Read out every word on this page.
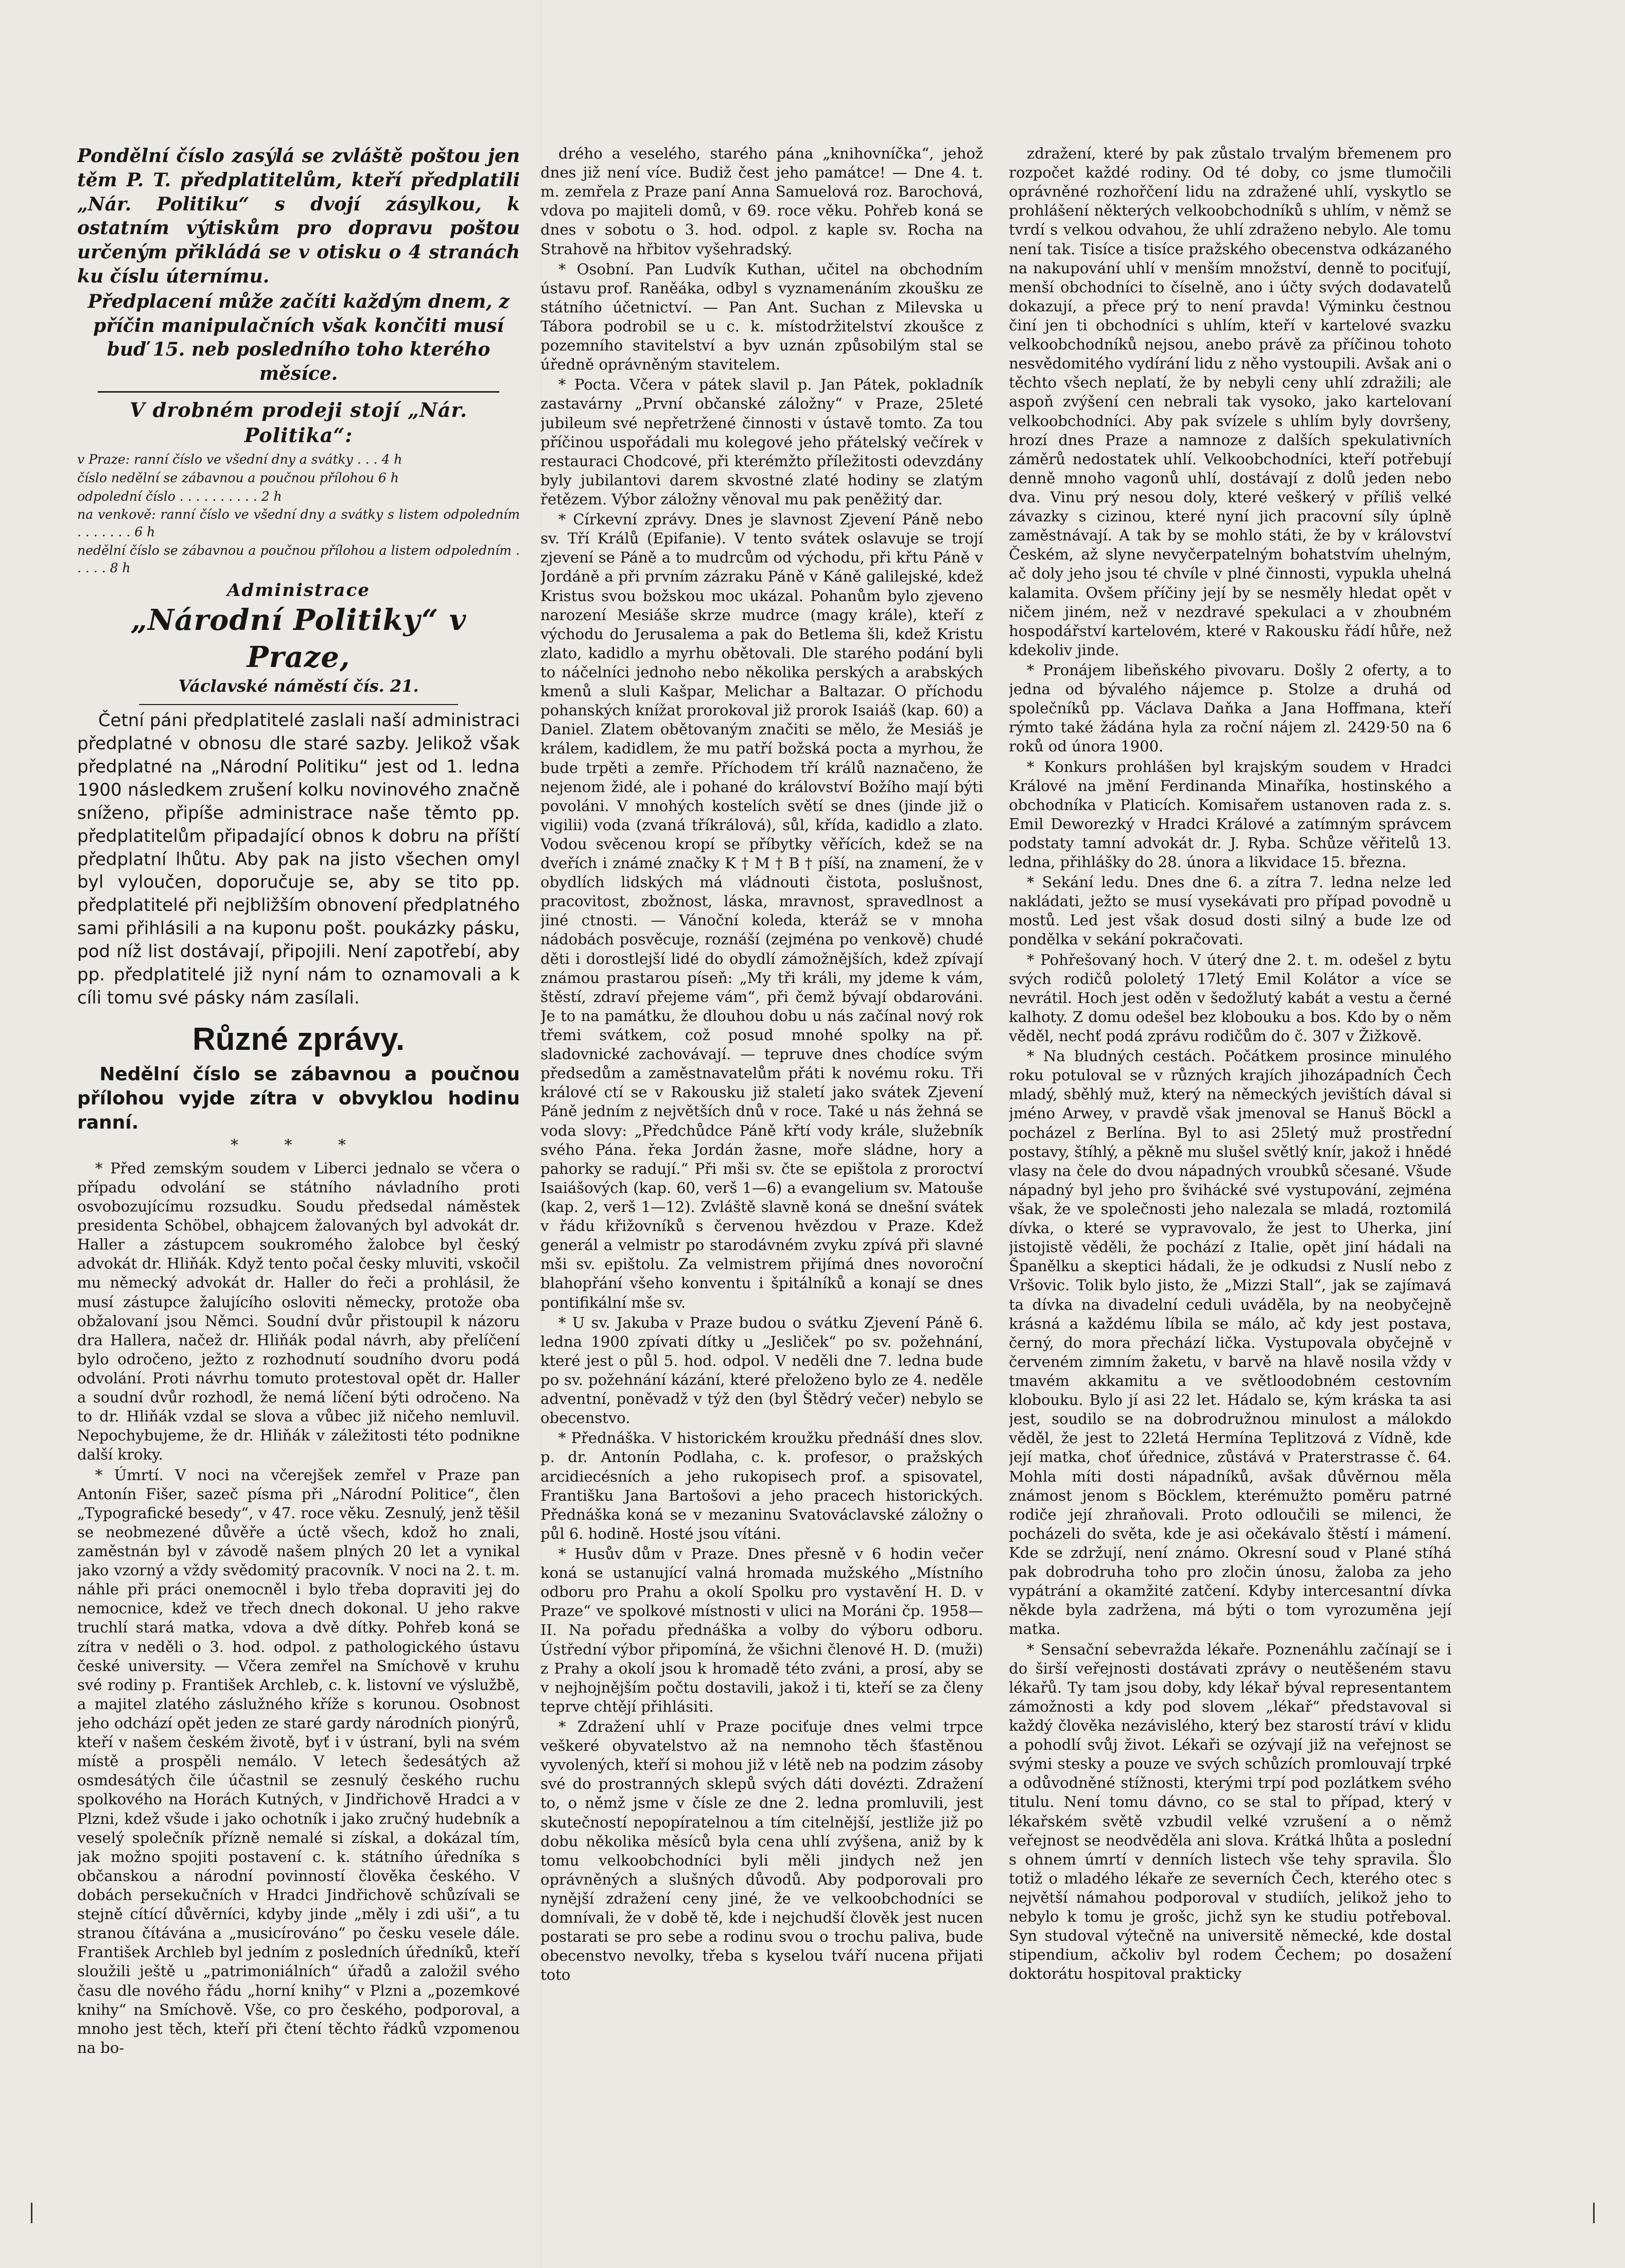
Pondělní číslo zasýlá se zvláště poštou jen těm P. T. předplatitelům, kteří předplatili „Nár. Politiku“ s dvojí zásylkou, k ostatním výtiskům pro dopravu poštou určeným přikládá se v otisku o 4 stranách ku číslu úternímu.

Předplacení může začíti každým dnem, z příčin manipulačních však končiti musí buď 15. neb posledního toho kterého měsíce.

V drobném prodeji stojí „Nár. Politika“:

v Praze: ranní číslo ve všední dny a svátky . . . 4 h

číslo nedělní se zábavnou a poučnou přílohou 6 h

odpolední číslo . . . . . . . . . . 2 h

na venkově: ranní číslo ve všední dny a svátky s listem odpoledním . . . . . . . 6 h

nedělní číslo se zábavnou a poučnou přílohou a listem odpoledním . . . . . 8 h

Administrace
„Národní Politiky“ v Praze,
Václavské náměstí čís. 21.

Četní páni předplatitelé zaslali naší administraci předplatné v obnosu dle staré sazby. Jelikož však předplatné na „Národní Politiku“ jest od 1. ledna 1900 následkem zrušení kolku novinového značně sníženo, připíše administrace naše těmto pp. předplatitelům připadající obnos k dobru na příští předplatní lhůtu. Aby pak na jisto všechen omyl byl vyloučen, doporučuje se, aby se tito pp. předplatitelé při nejbližším obnovení předplatného sami přihlásili a na kuponu pošt. poukázky pásku, pod níž list dostávají, připojili. Není zapotřebí, aby pp. předplatitelé již nyní nám to oznamovali a k cíli tomu své pásky nám zasílali.

Různé zprávy.

Nedělní číslo se zábavnou a poučnou přílohou vyjde zítra v obvyklou hodinu ranní.

* * *

* Před zemským soudem v Liberci jednalo se včera o případu odvolání se státního návladního proti osvobozujícímu rozsudku. Soudu předsedal náměstek presidenta Schöbel, obhajcem žalovaných byl advokát dr. Haller a zástupcem soukromého žalobce byl český advokát dr. Hliňák. Když tento počal česky mluviti, vskočil mu německý advokát dr. Haller do řeči a prohlásil, že musí zástupce žalujícího osloviti německy, protože oba obžalovaní jsou Němci. Soudní dvůr přistoupil k názoru dra Hallera, načež dr. Hliňák podal návrh, aby přelíčení bylo odročeno, ježto z rozhodnutí soudního dvoru podá odvolání. Proti návrhu tomuto protestoval opět dr. Haller a soudní dvůr rozhodl, že nemá líčení býti odročeno. Na to dr. Hliňák vzdal se slova a vůbec již ničeho nemluvil. Nepochybujeme, že dr. Hliňák v záležitosti této podnikne další kroky.

* Úmrtí. V noci na včerejšek zemřel v Praze pan Antonín Fišer, sazeč písma při „Národní Politice“, člen „Typografické besedy“, v 47. roce věku. Zesnulý, jenž těšil se neobmezené důvěře a úctě všech, kdož ho znali, zaměstnán byl v závodě našem plných 20 let a vynikal jako vzorný a vždy svědomitý pracovník. V noci na 2. t. m. náhle při práci onemocněl i bylo třeba dopraviti jej do nemocnice, kdež ve třech dnech dokonal. U jeho rakve truchlí stará matka, vdova a dvě dítky. Pohřeb koná se zítra v neděli o 3. hod. odpol. z pathologického ústavu české university. — Včera zemřel na Smíchově v kruhu své rodiny p. František Archleb, c. k. listovní ve výslužbě, a majitel zlatého záslužného kříže s korunou. Osobnost jeho odchází opět jeden ze staré gardy národních pionýrů, kteří v našem českém životě, byť i v ústraní, byli na svém místě a prospěli nemálo. V letech šedesátých až osmdesátých čile účastnil se zesnulý českého ruchu spolkového na Horách Kutných, v Jindřichově Hradci a v Plzni, kdež všude i jako ochotník i jako zručný hudebník a veselý společník přízně nemalé si získal, a dokázal tím, jak možno spojiti postavení c. k. státního úředníka s občanskou a národní povinností člověka českého. V dobách persekučních v Hradci Jindřichově schůzívali se stejně cítící důvěrníci, kdyby jinde „měly i zdi uši“, a tu stranou čítávána a „musicírováno“ po česku vesele dále. František Archleb byl jedním z posledních úředníků, kteří sloužili ještě u „patrimoniálních“ úřadů a založil svého času dle nového řádu „horní knihy“ v Plzni a „pozemkové knihy“ na Smíchově. Vše, co pro českého, podporoval, a mnoho jest těch, kteří při čtení těchto řádků vzpomenou na bo-

drého a veselého, starého pána „knihovníčka“, jehož dnes již není více. Budiž čest jeho památce! — Dne 4. t. m. zemřela z Praze paní Anna Samuelová roz. Barochová, vdova po majiteli domů, v 69. roce věku. Pohřeb koná se dnes v sobotu o 3. hod. odpol. z kaple sv. Rocha na Strahově na hřbitov vyšehradský.

* Osobní. Pan Ludvík Kuthan, učitel na obchodním ústavu prof. Raněáka, odbyl s vyznamenáním zkoušku ze státního účetnictví. — Pan Ant. Suchan z Milevska u Tábora podrobil se u c. k. místodržitelství zkoušce z pozemního stavitelství a byv uznán způsobilým stal se úředně oprávněným stavitelem.

* Pocta. Včera v pátek slavil p. Jan Pátek, pokladník zastavárny „První občanské záložny“ v Praze, 25leté jubileum své nepřetržené činnosti v ústavě tomto. Za tou příčinou uspořádali mu kolegové jeho přátelský večírek v restauraci Chodcové, při kterémžto příležitosti odevzdány byly jubilantovi darem skvostné zlaté hodiny se zlatým řetězem. Výbor záložny věnoval mu pak peněžitý dar.

* Církevní zprávy. Dnes je slavnost Zjevení Páně nebo sv. Tří Králů (Epifanie). V tento svátek oslavuje se trojí zjevení se Páně a to mudrcům od východu, při křtu Páně v Jordáně a při prvním zázraku Páně v Káně galilejské, kdež Kristus svou božskou moc ukázal. Pohanům bylo zjeveno narození Mesiáše skrze mudrce (magy krále), kteří z východu do Jerusalema a pak do Betlema šli, kdež Kristu zlato, kadidlo a myrhu obětovali. Dle starého podání byli to náčelníci jednoho nebo několika perských a arabských kmenů a sluli Kašpar, Melichar a Baltazar. O příchodu pohanských knížat prorokoval již prorok Isaiáš (kap. 60) a Daniel. Zlatem obětovaným značiti se mělo, že Mesiáš je králem, kadidlem, že mu patří božská pocta a myrhou, že bude trpěti a zemře. Příchodem tří králů naznačeno, že nejenom židé, ale i pohané do království Božího mají býti povoláni. V mnohých kostelích světí se dnes (jinde již o vigilii) voda (zvaná tříkrálová), sůl, křída, kadidlo a zlato. Vodou svěcenou kropí se příbytky věřících, kdež se na dveřích i známé značky K † M † B † píší, na znamení, že v obydlích lidských má vládnouti čistota, poslušnost, pracovitost, zbožnost, láska, mravnost, spravedlnost a jiné ctnosti. — Vánoční koleda, kteráž se v mnoha nádobách posvěcuje, roznáší (zejména po venkově) chudé děti i dorostlejší lidé do obydlí zámožnějších, kdež zpívají známou prastarou píseň: „My tři králi, my jdeme k vám, štěstí, zdraví přejeme vám“, při čemž bývají obdarováni. Je to na památku, že dlouhou dobu u nás začínal nový rok třemi svátkem, což posud mnohé spolky na př. sladovnické zachovávají. — tepruve dnes chodíce svým předsedům a zaměstnavatelům přáti k novému roku. Tři králové ctí se v Rakousku již staletí jako svátek Zjevení Páně jedním z největších dnů v roce. Také u nás žehná se voda slovy: „Předchůdce Páně křtí vody krále, služebník svého Pána. řeka Jordán žasne, moře sládne, hory a pahorky se radují.“ Při mši sv. čte se epištola z proroctví Isaiášových (kap. 60, verš 1—6) a evangelium sv. Matouše (kap. 2, verš 1—12). Zvláště slavně koná se dnešní svátek v řádu křižovníků s červenou hvězdou v Praze. Kdež generál a velmistr po starodávném zvyku zpívá při slavné mši sv. epištolu. Za velmistrem přijímá dnes novoroční blahopřání všeho konventu i špitálníků a konají se dnes pontifikální mše sv.

* U sv. Jakuba v Praze budou o svátku Zjevení Páně 6. ledna 1900 zpívati dítky u „Jesliček“ po sv. požehnání, které jest o půl 5. hod. odpol. V neděli dne 7. ledna bude po sv. požehnání kázání, které přeloženo bylo ze 4. neděle adventní, poněvadž v týž den (byl Štědrý večer) nebylo se obecenstvo.

* Přednáška. V historickém kroužku přednáší dnes slov. p. dr. Antonín Podlaha, c. k. profesor, o pražských arcidiecésních a jeho rukopisech prof. a spisovatel, Františku Jana Bartošovi a jeho pracech historických. Přednáška koná se v mezaninu Svatováclavské záložny o půl 6. hodině. Hosté jsou vítáni.

* Husův dům v Praze. Dnes přesně v 6 hodin večer koná se ustanující valná hromada mužského „Místního odboru pro Prahu a okolí Spolku pro vystavění H. D. v Praze“ ve spolkové místnosti v ulici na Moráni čp. 1958—II. Na pořadu přednáška a volby do výboru odboru. Ústřední výbor připomíná, že všichni členové H. D. (muži) z Prahy a okolí jsou k hromadě této zváni, a prosí, aby se v nejhojnějším počtu dostavili, jakož i ti, kteří se za členy teprve chtějí přihlásiti.

* Zdražení uhlí v Praze pociťuje dnes velmi trpce veškeré obyvatelstvo až na nemnoho těch šťastěnou vyvolených, kteří si mohou již v létě neb na podzim zásoby své do prostranných sklepů svých dáti dovézti. Zdražení to, o němž jsme v čísle ze dne 2. ledna promluvili, jest skutečností nepopíratelnou a tím citelnější, jestliže již po dobu několika měsíců byla cena uhlí zvýšena, aniž by k tomu velkoobchodníci byli měli jindych než jen oprávněných a slušných důvodů. Aby podporovali pro nynější zdražení ceny jiné, že ve velkoobchodníci se domnívali, že v době tě, kde i nejchudší člověk jest nucen postarati se pro sebe a rodinu svou o trochu paliva, bude obecenstvo nevolky, třeba s kyselou tváří nucena přijati toto

zdražení, které by pak zůstalo trvalým břemenem pro rozpočet každé rodiny. Od té doby, co jsme tlumočili oprávněné rozhořčení lidu na zdražené uhlí, vyskytlo se prohlášení některých velkoobchodníků s uhlím, v němž se tvrdí s velkou odvahou, že uhlí zdraženo nebylo. Ale tomu není tak. Tisíce a tisíce pražského obecenstva odkázaného na nakupování uhlí v menším množství, denně to pociťují, menší obchodníci to číselně, ano i účty svých dodavatelů dokazují, a přece prý to není pravda! Výminku čestnou činí jen ti obchodníci s uhlím, kteří v kartelové svazku velkoobchodníků nejsou, anebo právě za příčinou tohoto nesvědomitého vydírání lidu z něho vystoupili. Avšak ani o těchto všech neplatí, že by nebyli ceny uhlí zdražili; ale aspoň zvýšení cen nebrali tak vysoko, jako kartelovaní velkoobchodníci. Aby pak svízele s uhlím byly dovršeny, hrozí dnes Praze a namnoze z dalších spekulativních záměrů nedostatek uhlí. Velkoobchodníci, kteří potřebují denně mnoho vagonů uhlí, dostávají z dolů jeden nebo dva. Vinu prý nesou doly, které veškerý v příliš velké závazky s cizinou, které nyní jich pracovní síly úplně zaměstnávají. A tak by se mohlo státi, že by v království Českém, až slyne nevyčerpatelným bohatstvím uhelným, ač doly jeho jsou té chvíle v plné činnosti, vypukla uhelná kalamita. Ovšem příčiny její by se nesměly hledat opět v ničem jiném, než v nezdravé spekulaci a v zhoubném hospodářství kartelovém, které v Rakousku řádí hůře, než kdekoliv jinde.

* Pronájem libeňského pivovaru. Došly 2 oferty, a to jedna od bývalého nájemce p. Stolze a druhá od společníků pp. Václava Daňka a Jana Hoffmana, kteří rýmto také žádána hyla za roční nájem zl. 2429·50 na 6 roků od února 1900.

* Konkurs prohlášen byl krajským soudem v Hradci Králové na jmění Ferdinanda Minaříka, hostinského a obchodníka v Platicích. Komisařem ustanoven rada z. s. Emil Deworezký v Hradci Králové a zatímným správcem podstaty tamní advokát dr. J. Ryba. Schůze věřitelů 13. ledna, přihlášky do 28. února a likvidace 15. března.

* Sekání ledu. Dnes dne 6. a zítra 7. ledna nelze led nakládati, ježto se musí vysekávati pro případ povodně u mostů. Led jest však dosud dosti silný a bude lze od pondělka v sekání pokračovati.

* Pohřešovaný hoch. V úterý dne 2. t. m. odešel z bytu svých rodičů pololetý 17letý Emil Kolátor a více se nevrátil. Hoch jest oděn v šedožlutý kabát a vestu a černé kalhoty. Z domu odešel bez klobouku a bos. Kdo by o něm věděl, nechť podá zprávu rodičům do č. 307 v Žižkově.

* Na bludných cestách. Počátkem prosince minulého roku potuloval se v různých krajích jihozápadních Čech mladý, sběhlý muž, který na německých jevištích dával si jméno Arwey, v pravdě však jmenoval se Hanuš Böckl a pocházel z Berlína. Byl to asi 25letý muž prostřední postavy, štíhlý, a pěkně mu slušel světlý knír, jakož i hnědé vlasy na čele do dvou nápadných vroubků sčesané. Všude nápadný byl jeho pro švihácké své vystupování, zejména však, že ve společnosti jeho nalezala se mladá, roztomilá dívka, o které se vypravovalo, že jest to Uherka, jiní jistojistě věděli, že pochází z Italie, opět jiní hádali na Španělku a skeptici hádali, že je odkudsi z Nuslí nebo z Vršovic. Tolik bylo jisto, že „Mizzi Stall“, jak se zajímavá ta dívka na divadelní ceduli uváděla, by na neobyčejně krásná a každému líbila se málo, ač kdy jest postava, černý, do mora přechází lička. Vystupovala obyčejně v červeném zimním žaketu, v barvě na hlavě nosila vždy v tmavém akkamitu a ve světloodobném cestovním klobouku. Bylo jí asi 22 let. Hádalo se, kým kráska ta asi jest, soudilo se na dobrodružnou minulost a málokdo věděl, že jest to 22letá Hermína Teplitzová z Vídně, kde její matka, choť úřednice, zůstává v Praterstrasse č. 64. Mohla míti dosti nápadníků, avšak důvěrnou měla známost jenom s Böcklem, kterémužto poměru patrné rodiče její zhraňovali. Proto odloučili se milenci, že pocházeli do světa, kde je asi očekávalo štěstí i mámení. Kde se zdržují, není známo. Okresní soud v Plané stíhá pak dobrodruha toho pro zločin únosu, žaloba za jeho vypátrání a okamžité zatčení. Kdyby intercesantní dívka někde byla zadržena, má býti o tom vyrozuměna její matka.

* Sensační sebevražda lékaře. Poznenáhlu začínají se i do širší veřejnosti dostávati zprávy o neutěšeném stavu lékařů. Ty tam jsou doby, kdy lékař býval representantem zámožnosti a kdy pod slovem „lékař“ představoval si každý člověka nezávislého, který bez starostí tráví v klidu a pohodlí svůj život. Lékaři se ozývají již na veřejnost se svými stesky a pouze ve svých schůzích promlouvají trpké a odůvodněné stížnosti, kterými trpí pod pozlátkem svého titulu. Není tomu dávno, co se stal to případ, který v lékařském světě vzbudil velké vzrušení a o němž veřejnost se neodvěděla ani slova. Krátká lhůta a poslední s ohnem úmrtí v denních listech vše tehy spravila. Šlo totiž o mladého lékaře ze severních Čech, kterého otec s největší námahou podporoval v studiích, jelikož jeho to nebylo k tomu je grošc, jichž syn ke studiu potřeboval. Syn studoval výtečně na universitě německé, kde dostal stipendium, ačkoliv byl rodem Čechem; po dosažení doktorátu hospitoval prakticky
